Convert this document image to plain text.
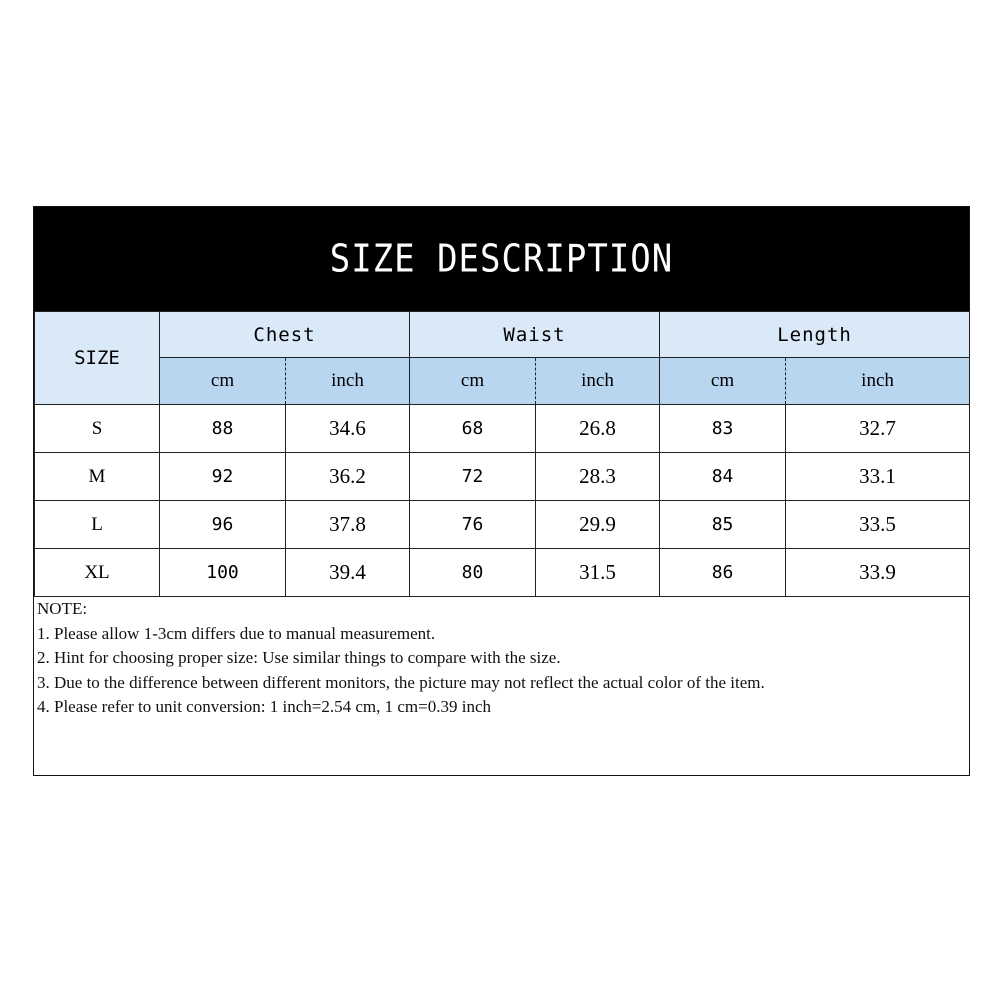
SIZE DESCRIPTION
SIZE	Chest		Waist		Length	
	cm	inch	cm	inch	cm	inch
S	88	34.6	68	26.8	83	32.7
M	92	36.2	72	28.3	84	33.1
L	96	37.8	76	29.9	85	33.5
XL	100	39.4	80	31.5	86	33.9
NOTE:
1. Please allow 1-3cm differs due to manual measurement.
2. Hint for choosing proper size: Use similar things to compare with the size.
3. Due to the difference between different monitors, the picture may not reflect the actual color of the item.
4. Please refer to unit conversion: 1 inch=2.54 cm, 1 cm=0.39 inch
